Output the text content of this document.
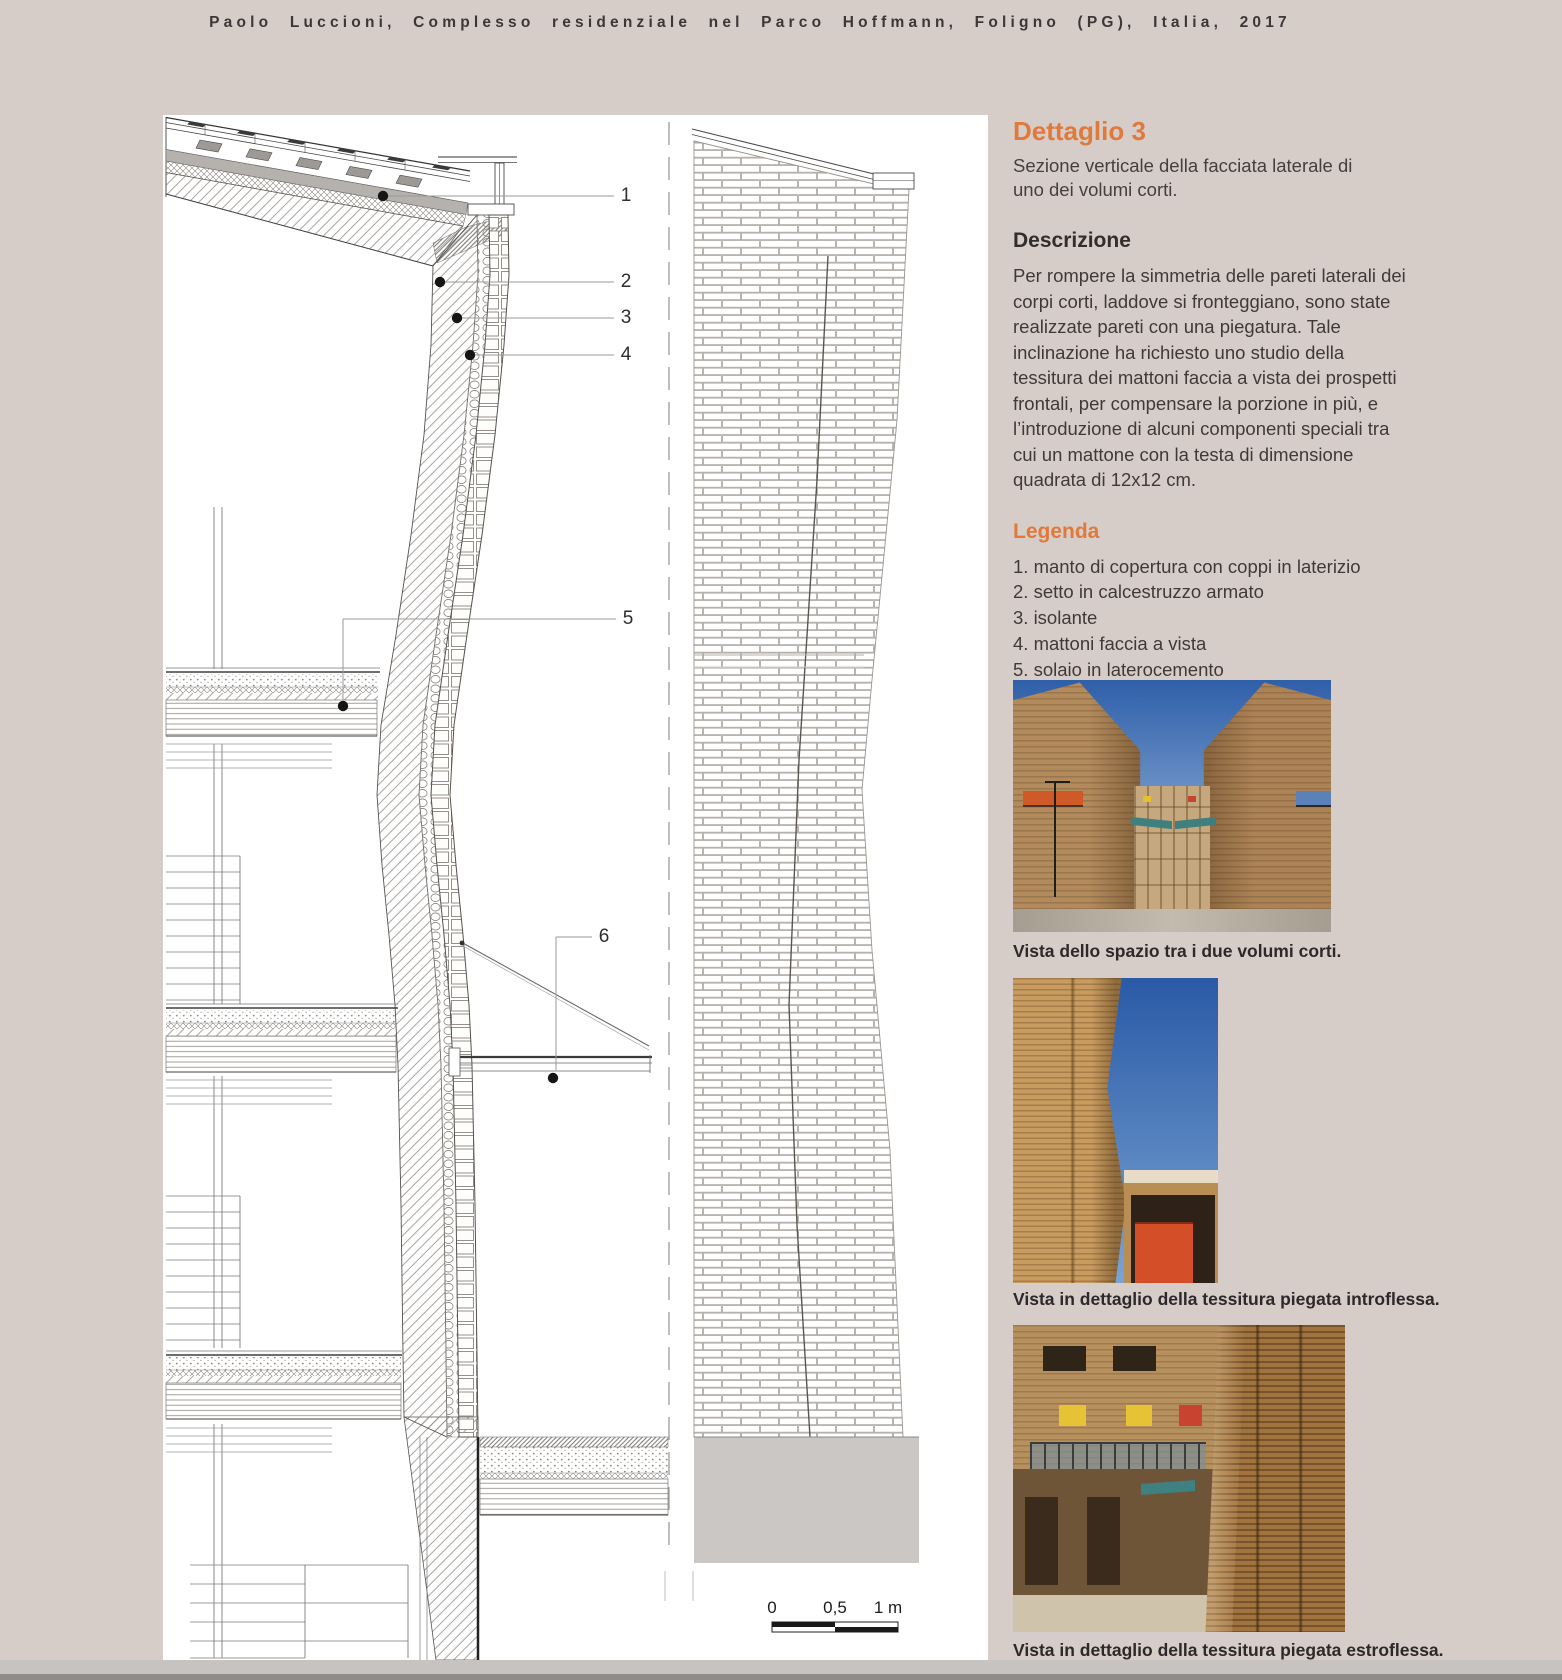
Paolo Luccioni, Complesso residenziale nel Parco Hoffmann, Foligno (PG), Italia, 2017
1
2
3
4
5
6
0	0,5 1 m
Dettaglio 3

Sezione verticale della facciata laterale di uno dei volumi corti.

Descrizione

Per rompere la simmetria delle pareti laterali dei corpi corti, laddove si fronteggiano, sono state realizzate pareti con una piegatura. Tale inclinazione ha richiesto uno studio della tessitura dei mattoni faccia a vista dei prospetti frontali, per compensare la porzione in più, e l’introduzione di alcuni componenti speciali tra cui un mattone con la testa di dimensione quadrata di 12x12 cm.

Legenda
1. manto di copertura con coppi in laterizio
2. setto in calcestruzzo armato
3. isolante
4. mattoni faccia a vista
5. solaio in laterocemento
Vista dello spazio tra i due volumi corti.
Vista in dettaglio della tessitura piegata introflessa.
Vista in dettaglio della tessitura piegata estroflessa.
